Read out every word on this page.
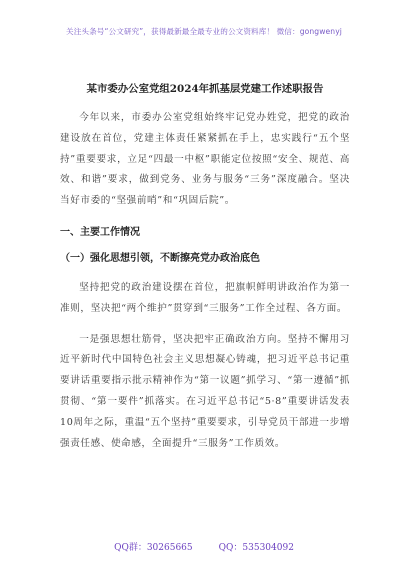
关注头条号“公文研究”，获得最新最全最专业的公文资料库！ 微信：gongwenyj
某市委办公室党组2024年抓基层党建工作述职报告

今年以来，市委办公室党组始终牢记党办姓党，把党的政治建设放在首位，党建主体责任紧紧抓在手上，忠实践行“五个坚持”重要要求，立足“四最一中枢”职能定位按照“安全、规范、高效、和谐”要求，做到党务、业务与服务“三务”深度融合。坚决当好市委的“坚强前哨”和“巩固后院”。

一、主要工作情况
（一）强化思想引领，不断擦亮党办政治底色

坚持把党的政治建设摆在首位，把旗帜鲜明讲政治作为第一准则，坚决把“两个维护”贯穿到“三服务”工作全过程、各方面。

一是强思想壮筋骨，坚决把牢正确政治方向。坚持不懈用习近平新时代中国特色社会主义思想凝心铸魂，把习近平总书记重要讲话重要指示批示精神作为“第一议题”抓学习、“第一遵循”抓贯彻、“第一要件”抓落实。在习近平总书记“5·8”重要讲话发表10周年之际，重温“五个坚持”重要要求，引导党员干部进一步增强责任感、使命感，全面提升“三服务”工作质效。

QQ群：30265665	QQ：535304092
